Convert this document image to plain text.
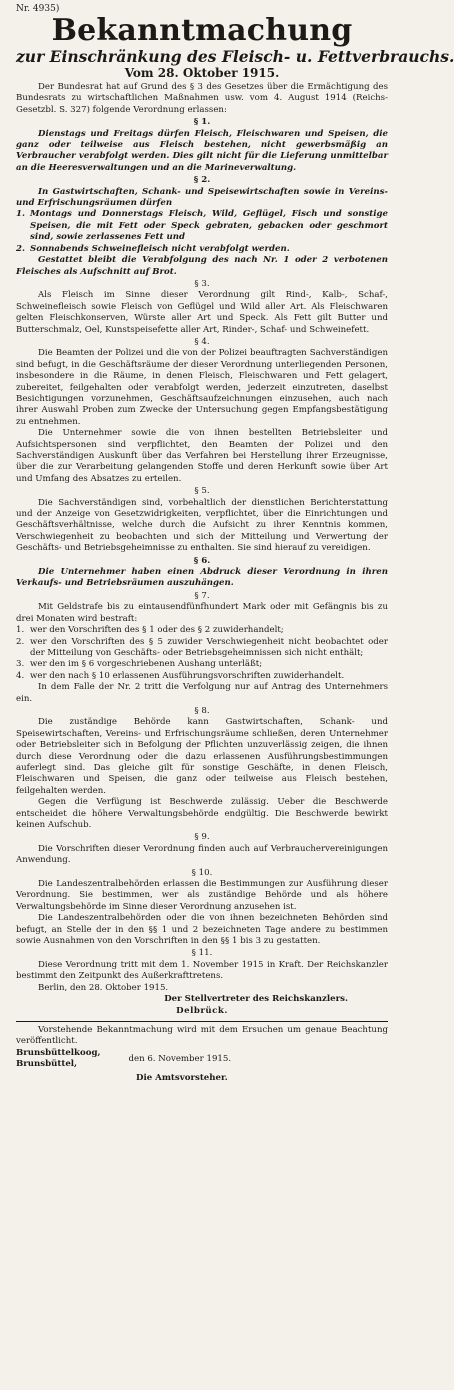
Nr. 4935)

Bekanntmachung
zur Einschränkung des Fleisch- u. Fettverbrauchs.

Vom 28. Oktober 1915.

Der Bundesrat hat auf Grund des § 3 des Gesetzes über die Ermächtigung des Bundesrats zu wirtschaftlichen Maßnahmen usw. vom 4. August 1914 (Reichs-Gesetzbl. S. 327) folgende Verordnung erlassen:

§ 1.

Dienstags und Freitags dürfen Fleisch, Fleischwaren und Speisen, die ganz oder teilweise aus Fleisch bestehen, nicht gewerbsmäßig an Verbraucher verabfolgt werden. Dies gilt nicht für die Lieferung unmittelbar an die Heeresverwaltungen und an die Marineverwaltung.

§ 2.

In Gastwirtschaften, Schank- und Speisewirtschaften sowie in Vereins- und Erfrischungsräumen dürfen

1. Montags und Donnerstags Fleisch, Wild, Geflügel, Fisch und sonstige Speisen, die mit Fett oder Speck gebraten, gebacken oder geschmort sind, sowie zerlassenes Fett und
2. Sonnabends Schweinefleisch nicht verabfolgt werden.

Gestattet bleibt die Verabfolgung des nach Nr. 1 oder 2 verbotenen Fleisches als Aufschnitt auf Brot.

§ 3.

Als Fleisch im Sinne dieser Verordnung gilt Rind-, Kalb-, Schaf-, Schweinefleisch sowie Fleisch von Geflügel und Wild aller Art. Als Fleischwaren gelten Fleischkonserven, Würste aller Art und Speck. Als Fett gilt Butter und Butterschmalz, Oel, Kunstspeisefette aller Art, Rinder-, Schaf- und Schweinefett.

§ 4.

Die Beamten der Polizei und die von der Polizei beauftragten Sachverständigen sind befugt, in die Geschäftsräume der dieser Verordnung unterliegenden Personen, insbesondere in die Räume, in denen Fleisch, Fleischwaren und Fett gelagert, zubereitet, feilgehalten oder verabfolgt werden, jederzeit einzutreten, daselbst Besichtigungen vorzunehmen, Geschäftsaufzeichnungen einzusehen, auch nach ihrer Auswahl Proben zum Zwecke der Untersuchung gegen Empfangsbestätigung zu entnehmen.

Die Unternehmer sowie die von ihnen bestellten Betriebsleiter und Aufsichtspersonen sind verpflichtet, den Beamten der Polizei und den Sachverständigen Auskunft über das Verfahren bei Herstellung ihrer Erzeugnisse, über die zur Verarbeitung gelangenden Stoffe und deren Herkunft sowie über Art und Umfang des Absatzes zu erteilen.

§ 5.

Die Sachverständigen sind, vorbehaltlich der dienstlichen Berichterstattung und der Anzeige von Gesetzwidrigkeiten, verpflichtet, über die Einrichtungen und Geschäftsverhältnisse, welche durch die Aufsicht zu ihrer Kenntnis kommen, Verschwiegenheit zu beobachten und sich der Mitteilung und Verwertung der Geschäfts- und Betriebsgeheimnisse zu enthalten. Sie sind hierauf zu vereidigen.

§ 6.

Die Unternehmer haben einen Abdruck dieser Verordnung in ihren Verkaufs- und Betriebsräumen auszuhängen.

§ 7.

Mit Geldstrafe bis zu eintausendfünfhundert Mark oder mit Gefängnis bis zu drei Monaten wird bestraft:

1. wer den Vorschriften des § 1 oder des § 2 zuwiderhandelt;
2. wer den Vorschriften des § 5 zuwider Verschwiegenheit nicht beobachtet oder der Mitteilung von Geschäfts- oder Betriebsgeheimnissen sich nicht enthält;
3. wer den im § 6 vorgeschriebenen Aushang unterläßt;
4. wer den nach § 10 erlassenen Ausführungsvorschriften zuwiderhandelt.

In dem Falle der Nr. 2 tritt die Verfolgung nur auf Antrag des Unternehmers ein.

§ 8.

Die zuständige Behörde kann Gastwirtschaften, Schank- und Speisewirtschaften, Vereins- und Erfrischungsräume schließen, deren Unternehmer oder Betriebsleiter sich in Befolgung der Pflichten unzuverlässig zeigen, die ihnen durch diese Verordnung oder die dazu erlassenen Ausführungsbestimmungen auferlegt sind. Das gleiche gilt für sonstige Geschäfte, in denen Fleisch, Fleischwaren und Speisen, die ganz oder teilweise aus Fleisch bestehen, feilgehalten werden.

Gegen die Verfügung ist Beschwerde zulässig. Ueber die Beschwerde entscheidet die höhere Verwaltungsbehörde endgültig. Die Beschwerde bewirkt keinen Aufschub.

§ 9.

Die Vorschriften dieser Verordnung finden auch auf Verbrauchervereinigungen Anwendung.

§ 10.

Die Landeszentralbehörden erlassen die Bestimmungen zur Ausführung dieser Verordnung. Sie bestimmen, wer als zuständige Behörde und als höhere Verwaltungsbehörde im Sinne dieser Verordnung anzusehen ist.

Die Landeszentralbehörden oder die von ihnen bezeichneten Behörden sind befugt, an Stelle der in den §§ 1 und 2 bezeichneten Tage andere zu bestimmen sowie Ausnahmen von den Vorschriften in den §§ 1 bis 3 zu gestatten.

§ 11.

Diese Verordnung tritt mit dem 1. November 1915 in Kraft. Der Reichskanzler bestimmt den Zeitpunkt des Außerkrafttretens.

Berlin, den 28. Oktober 1915.

Der Stellvertreter des Reichskanzlers.
Delbrück.

Vorstehende Bekanntmachung wird mit dem Ersuchen um genaue Beachtung veröffentlicht.

Brunsbüttelkoog,
Brunsbüttel,
den 6. November 1915.
Die Amtsvorsteher.
